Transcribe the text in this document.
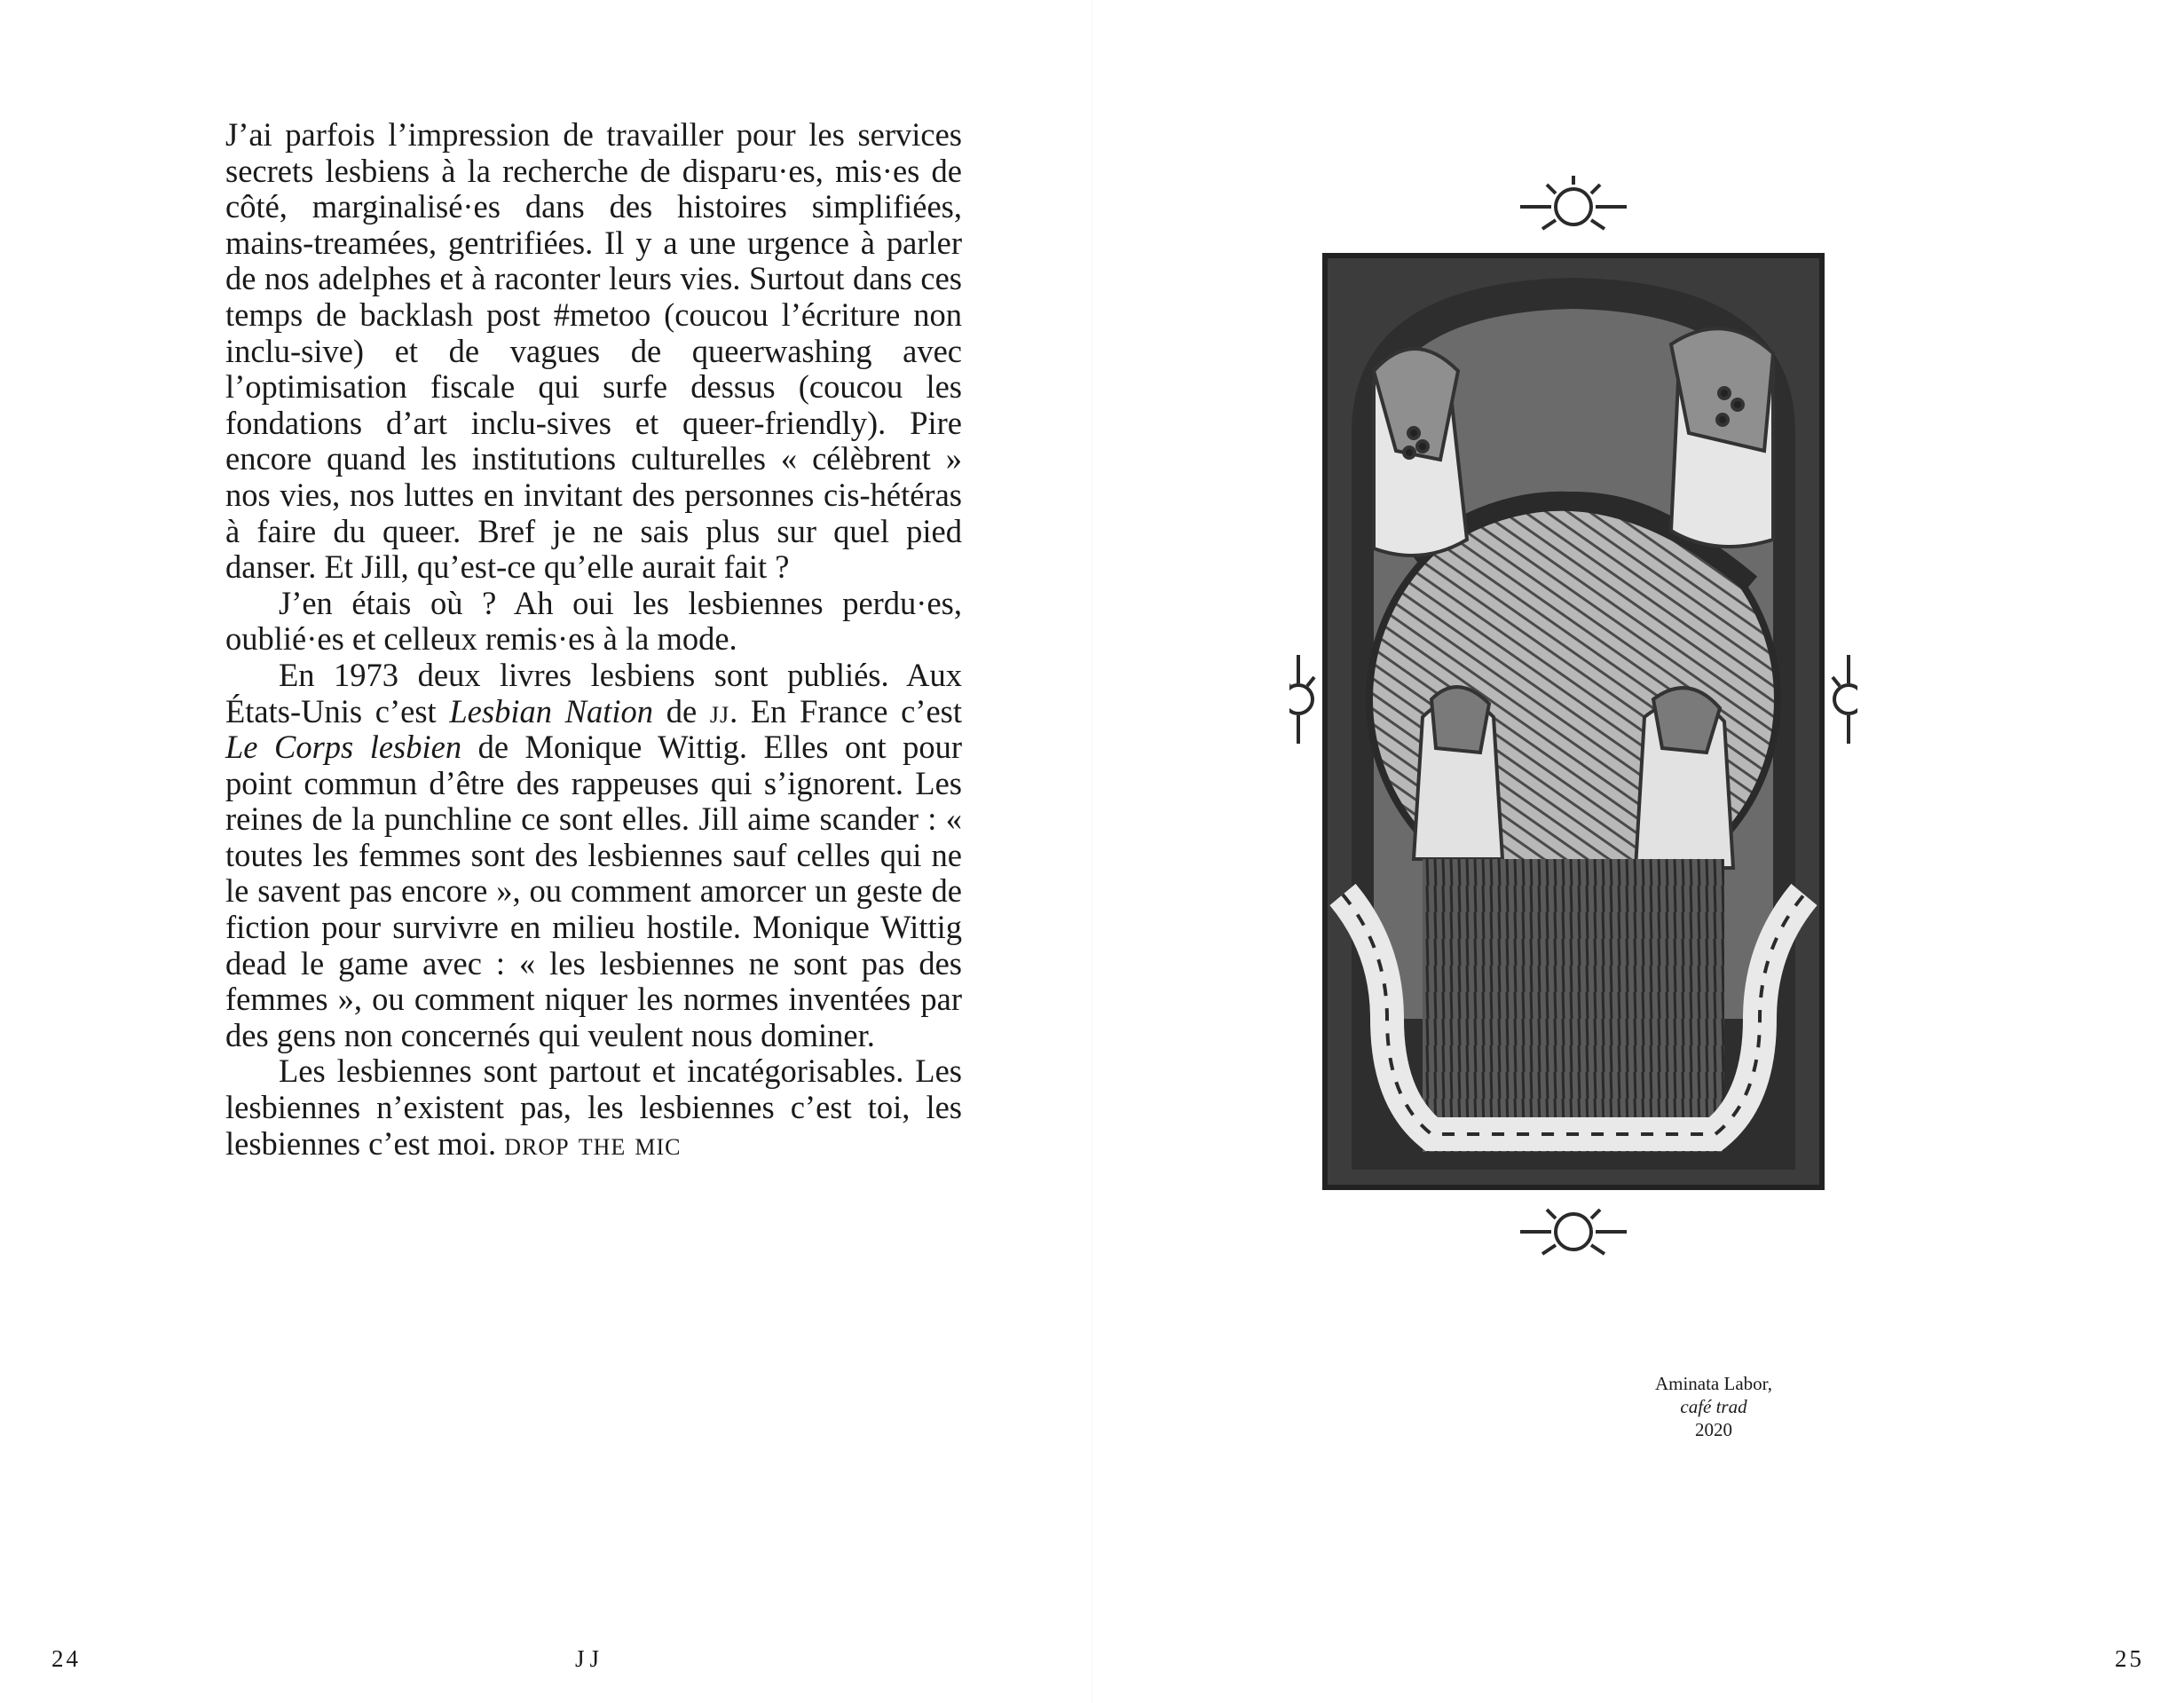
J’ai parfois l’impression de travailler pour les services secrets lesbiens à la recherche de disparu·es, mis·es de côté, marginalisé·es dans des histoires simplifiées, mains-treamées, gentrifiées. Il y a une urgence à parler de nos adelphes et à raconter leurs vies. Surtout dans ces temps de backlash post #metoo (coucou l’écriture non inclu-sive) et de vagues de queerwashing avec l’optimisation fiscale qui surfe dessus (coucou les fondations d’art inclu-sives et queer-friendly). Pire encore quand les institutions culturelles « célèbrent » nos vies, nos luttes en invitant des personnes cis-hétéras à faire du queer. Bref je ne sais plus sur quel pied danser. Et Jill, qu’est-ce qu’elle aurait fait ?

J’en étais où ? Ah oui les lesbiennes perdu·es, oublié·es et celleux remis·es à la mode.

En 1973 deux livres lesbiens sont publiés. Aux États-Unis c’est Lesbian Nation de jj. En France c’est Le Corps lesbien de Monique Wittig. Elles ont pour point commun d’être des rappeuses qui s’ignorent. Les reines de la punchline ce sont elles. Jill aime scander : « toutes les femmes sont des lesbiennes sauf celles qui ne le savent pas encore », ou comment amorcer un geste de fiction pour survivre en milieu hostile. Monique Wittig dead le game avec : « les lesbiennes ne sont pas des femmes », ou comment niquer les normes inventées par des gens non concernés qui veulent nous dominer.

Les lesbiennes sont partout et incatégorisables. Les lesbiennes n’existent pas, les lesbiennes c’est toi, les lesbiennes c’est moi. drop the mic

24	JJ
Aminata Labor,
café trad
2020
25
